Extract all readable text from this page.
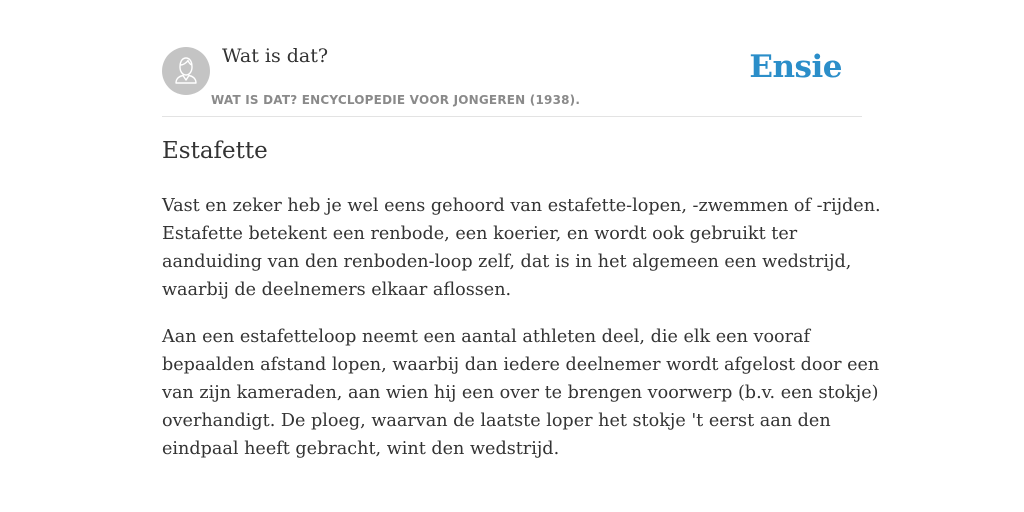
Wat is dat?
WAT IS DAT? ENCYCLOPEDIE VOOR JONGEREN (1938).
Ensie
Estafette

Vast en zeker heb je wel eens gehoord van estafette-lopen, -zwemmen of -rijden.
Estafette betekent een renbode, een koerier, en wordt ook gebruikt ter
aanduiding van den renboden-loop zelf, dat is in het algemeen een wedstrijd,
waarbij de deelnemers elkaar aflossen.

Aan een estafetteloop neemt een aantal athleten deel, die elk een vooraf
bepaalden afstand lopen, waarbij dan iedere deelnemer wordt afgelost door een
van zijn kameraden, aan wien hij een over te brengen voorwerp (b.v. een stokje)
overhandigt. De ploeg, waarvan de laatste loper het stokje 't eerst aan den
eindpaal heeft gebracht, wint den wedstrijd.
